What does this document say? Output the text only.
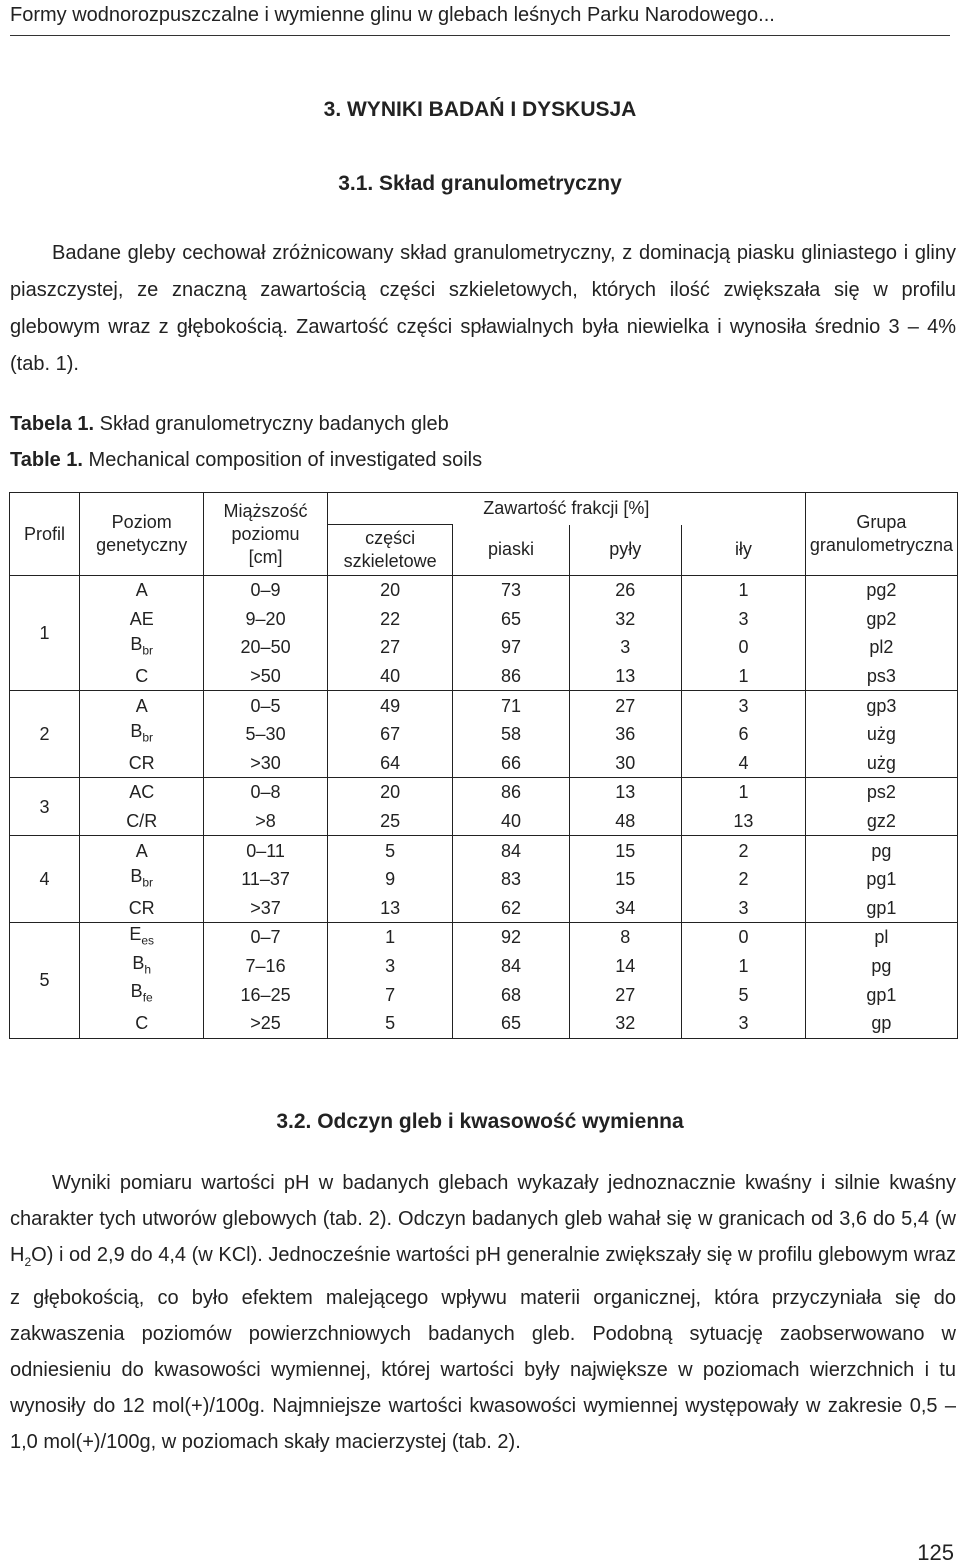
Formy wodnorozpuszczalne i wymienne glinu w glebach leśnych Parku Narodowego...
3. WYNIKI BADAŃ I DYSKUSJA
3.1. Skład granulometryczny

Badane gleby cechował zróżnicowany skład granulometryczny, z dominacją piasku gliniastego i gliny piaszczystej, ze znaczną zawartością części szkieletowych, których ilość zwiększała się w profilu glebowym wraz z głębokością. Zawartość części spławialnych była niewielka i wynosiła średnio 3 – 4% (tab. 1).

Tabela 1. Skład granulometryczny badanych gleb
Table 1. Mechanical composition of investigated soils
Profil	Poziom genetyczny	Miąższość poziomu [cm]	Zawartość frakcji [%]				Grupa granulometryczna
			części szkieletowe	piaski	pyły	iły	
1	A	0–9	20	73	26	1	pg2
	AE	9–20	22	65	32	3	gp2
	$B_{br}$	20–50	27	97	3	0	pl2
	C	>50	40	86	13	1	ps3
2	A	0–5	49	71	27	3	gp3
	$B_{br}$	5–30	67	58	36	6	użg
	CR	>30	64	66	30	4	użg
3	AC	0–8	20	86	13	1	ps2
	C/R	>8	25	40	48	13	gz2
4	A	0–11	5	84	15	2	pg
	$B_{br}$	11–37	9	83	15	2	pg1
	CR	>37	13	62	34	3	gp1
5	$E_{es}$	0–7	1	92	8	0	pl
	$B_h$	7–16	3	84	14	1	pg
	$B_{fe}$	16–25	7	68	27	5	gp1
	C	>25	5	65	32	3	gp
3.2. Odczyn gleb i kwasowość wymienna

Wyniki pomiaru wartości pH w badanych glebach wykazały jednoznacznie kwaśny i silnie kwaśny charakter tych utworów glebowych (tab. 2). Odczyn badanych gleb wahał się w granicach od 3,6 do 5,4 (w $H_2O$) i od 2,9 do 4,4 (w KCl). Jednocześnie wartości pH generalnie zwiększały się w profilu glebowym wraz z głębokością, co było efektem malejącego wpływu materii organicznej, która przyczyniała się do zakwaszenia poziomów powierzchniowych badanych gleb. Podobną sytuację zaobserwowano w odniesieniu do kwasowości wymiennej, której wartości były największe w poziomach wierzchnich i tu wynosiły do 12 mol(+)/100g. Najmniejsze wartości kwasowości wymiennej występowały w zakresie 0,5 – 1,0 mol(+)/100g, w poziomach skały macierzystej (tab. 2).

125
